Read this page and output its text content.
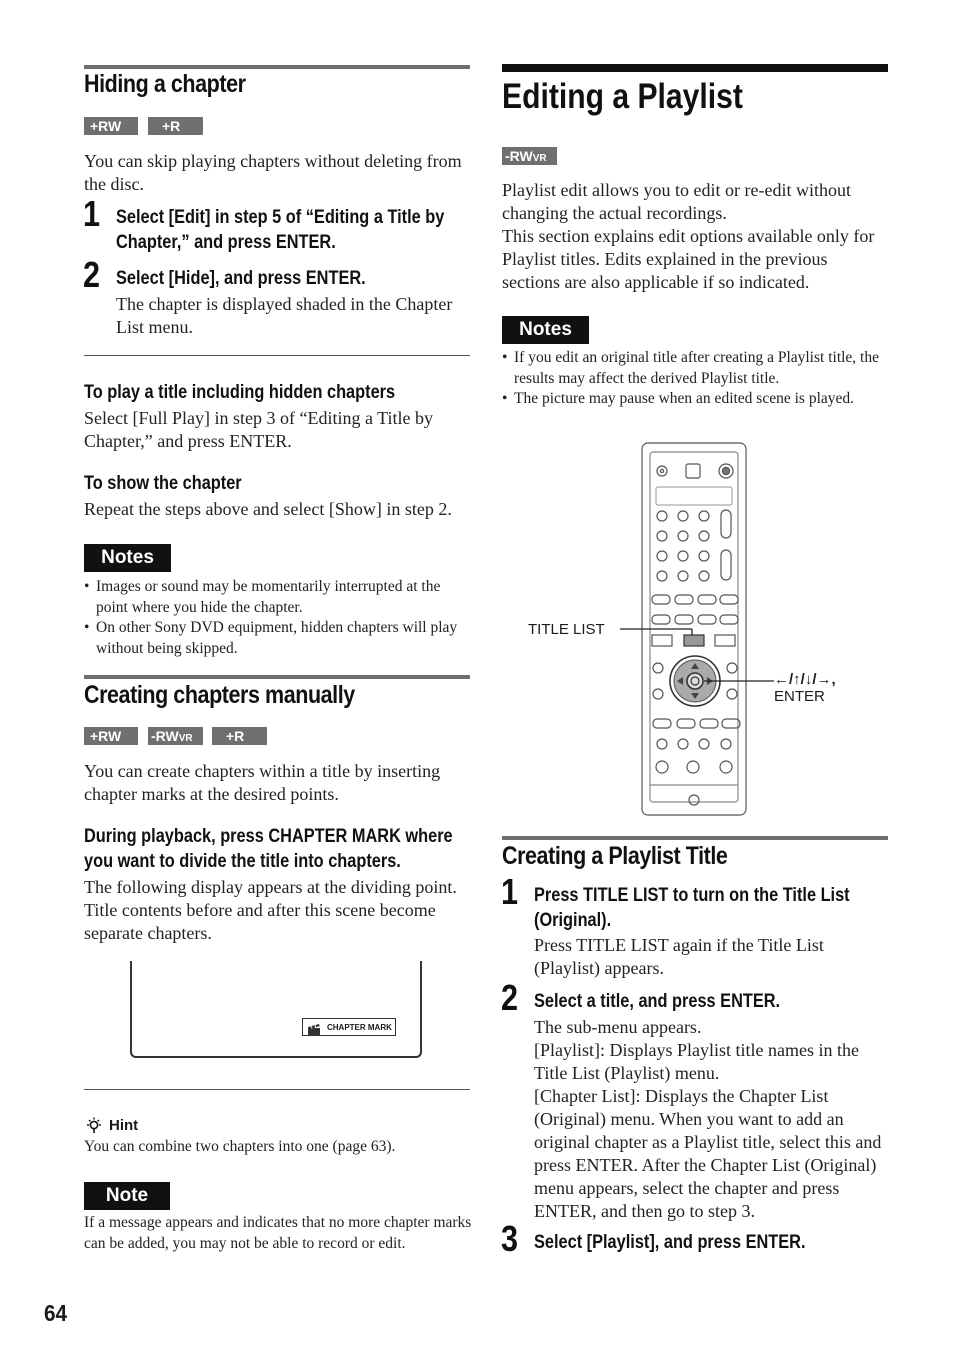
Hiding a chapter
+RW	+R
You can skip playing chapters without deleting from the disc.
1 Select [Edit] in step 5 of “Editing a Title by
Chapter,” and press ENTER.
2 Select [Hide], and press ENTER.
The chapter is displayed shaded in the Chapter List menu.
To play a title including hidden chapters
Select [Full Play] in step 3 of “Editing a Title by Chapter,” and press ENTER.
To show the chapter
Repeat the steps above and select [Show] in step 2.
Notes
• Images or sound may be momentarily interrupted at the point where you hide the chapter.
• On other Sony DVD equipment, hidden chapters will play without being skipped.
Creating chapters manually
+RW	-RWVR	+R
You can create chapters within a title by inserting chapter marks at the desired points.
During playback, press CHAPTER MARK where
you want to divide the title into chapters.
The following display appears at the dividing point. Title contents before and after this scene become separate chapters.
CHAPTER MARK
Hint
You can combine two chapters into one (page 63).
Note
If a message appears and indicates that no more chapter marks can be added, you may not be able to record or edit.
64
Editing a Playlist
-RWVR
Playlist edit allows you to edit or re-edit without changing the actual recordings.
This section explains edit options available only for Playlist titles. Edits explained in the previous sections are also applicable if so indicated.
Notes
• If you edit an original title after creating a Playlist title, the results may affect the derived Playlist title.
• The picture may pause when an edited scene is played.
TITLE LIST
←/↑/↓/→,
ENTER
Creating a Playlist Title
1 Press TITLE LIST to turn on the Title List
(Original).
Press TITLE LIST again if the Title List (Playlist) appears.
2 Select a title, and press ENTER.
The sub-menu appears.
[Playlist]: Displays Playlist title names in the Title List (Playlist) menu.
[Chapter List]: Displays the Chapter List (Original) menu. When you want to add an original chapter as a Playlist title, select this and press ENTER. After the Chapter List (Original) menu appears, select the chapter and press ENTER, and then go to step 3.
3 Select [Playlist], and press ENTER.
